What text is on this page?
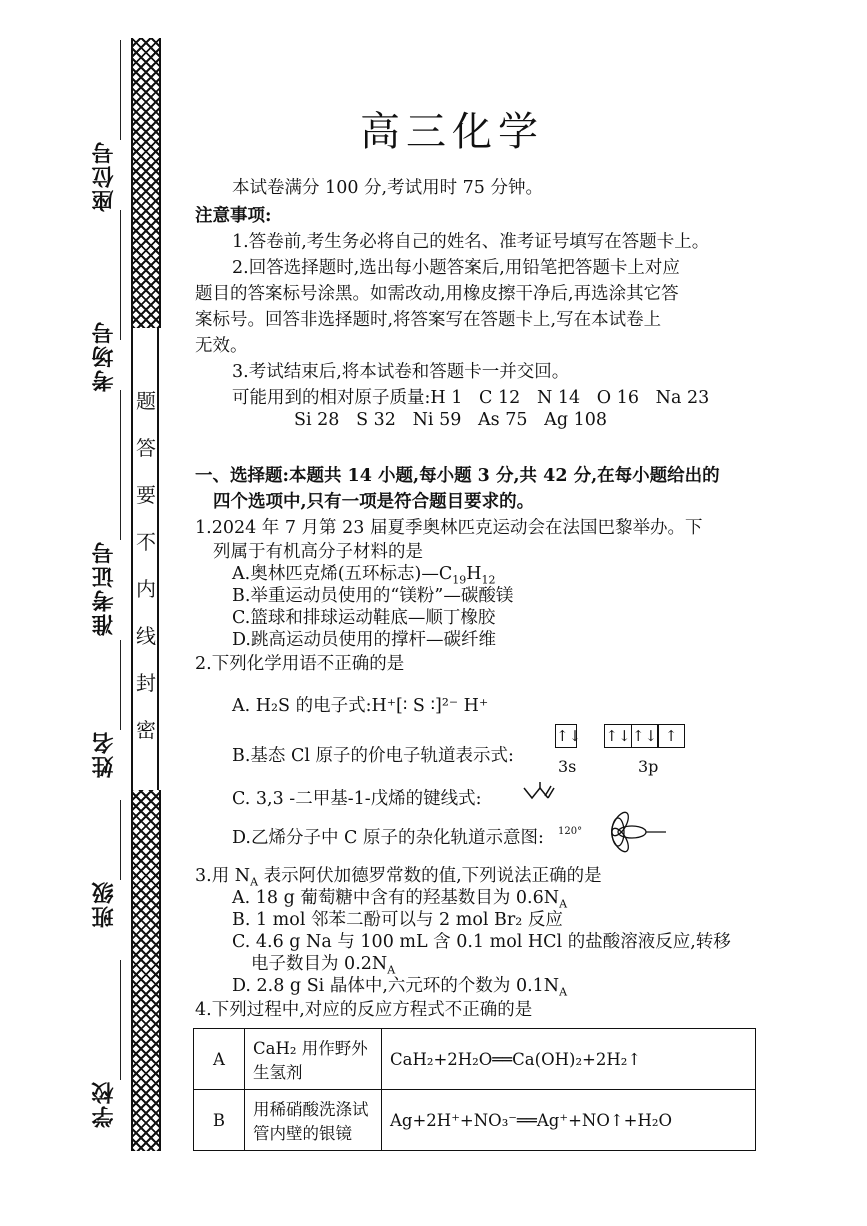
题
答
要
不
内
线
封
密
座位号
考场号
准考证号
姓名
班级
学校
高三化学
本试卷满分 100 分,考试用时 75 分钟。
注意事项:
1.答卷前,考生务必将自己的姓名、准考证号填写在答题卡上。
2.回答选择题时,选出每小题答案后,用铅笔把答题卡上对应
题目的答案标号涂黑。如需改动,用橡皮擦干净后,再选涂其它答
案标号。回答非选择题时,将答案写在答题卡上,写在本试卷上
无效。
3.考试结束后,将本试卷和答题卡一并交回。
可能用到的相对原子质量:H 1   C 12   N 14   O 16   Na 23
Si 28   S 32   Ni 59   As 75   Ag 108
一、选择题:本题共 14 小题,每小题 3 分,共 42 分,在每小题给出的
四个选项中,只有一项是符合题目要求的。
1.2024 年 7 月第 23 届夏季奥林匹克运动会在法国巴黎举办。下
列属于有机高分子材料的是
A.奥林匹克烯(五环标志)$—C_{19}H_{12}$
B.举重运动员使用的“镁粉”—碳酸镁
C.篮球和排球运动鞋底—顺丁橡胶
D.跳高运动员使用的撑杆—碳纤维
2.下列化学用语不正确的是
A. H₂S 的电子式:H⁺[∶ S ∶]²⁻ H⁺
B.基态 Cl 原子的价电子轨道表示式:
↑↓ ↑↓↑↓ ↑
3s	3p
C. 3,3 -二甲基-1-戊烯的键线式:
D.乙烯分子中 C 原子的杂化轨道示意图: 120°
3.用 $N_A$ 表示阿伏加德罗常数的值,下列说法正确的是
A. 18 g 葡萄糖中含有的羟基数目为 $0.6N_A$
B. 1 mol 邻苯二酚可以与 2 mol Br₂ 反应
C. 4.6 g Na 与 100 mL 含 0.1 mol HCl 的盐酸溶液反应,转移
电子数目为 $0.2N_A$
D. 2.8 g Si 晶体中,六元环的个数为 $0.1N_A$
4.下列过程中,对应的反应方程式不正确的是
A	CaH₂ 用作野外生氢剂	CaH₂+2H₂O══Ca(OH)₂+2H₂↑
B	用稀硝酸洗涤试管内壁的银镜	Ag+2H⁺+NO₃⁻══Ag⁺+NO↑+H₂O
